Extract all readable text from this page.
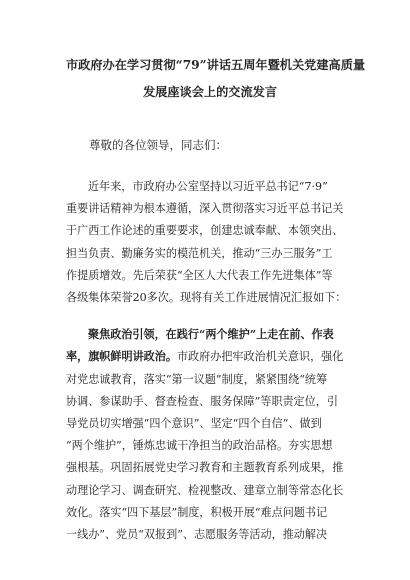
市政府办在学习贯彻“79”讲话五周年暨机关党建高质量
发展座谈会上的交流发言

尊敬的各位领导，同志们：

近年来，市政府办公室坚持以习近平总书记“7·9”
重要讲话精神为根本遵循，深入贯彻落实习近平总书记关
于广西工作论述的重要要求，创建忠诚奉献、本领突出、
担当负责、勤廉务实的模范机关，推动“三办三服务”工
作提质增效。先后荣获“全区人大代表工作先进集体”等
各级集体荣誉20多次。现将有关工作进展情况汇报如下：
聚焦政治引领，在践行“两个维护”上走在前、作表
率，旗帜鲜明讲政治。市政府办把牢政治机关意识，强化
对党忠诚教育，落实“第一议题”制度，紧紧围绕“统筹
协调、参谋助手、督查检查、服务保障”等职责定位，引
导党员切实增强“四个意识”、坚定“四个自信”、做到
“两个维护”，锤炼忠诚干净担当的政治品格。夯实思想
强根基。巩固拓展党史学习教育和主题教育系列成果，推
动理论学习、调查研究、检视整改、建章立制等常态化长
效化。落实“四下基层”制度，积极开展“难点问题书记
一线办”、党员“双报到”、志愿服务等活动，推动解决
